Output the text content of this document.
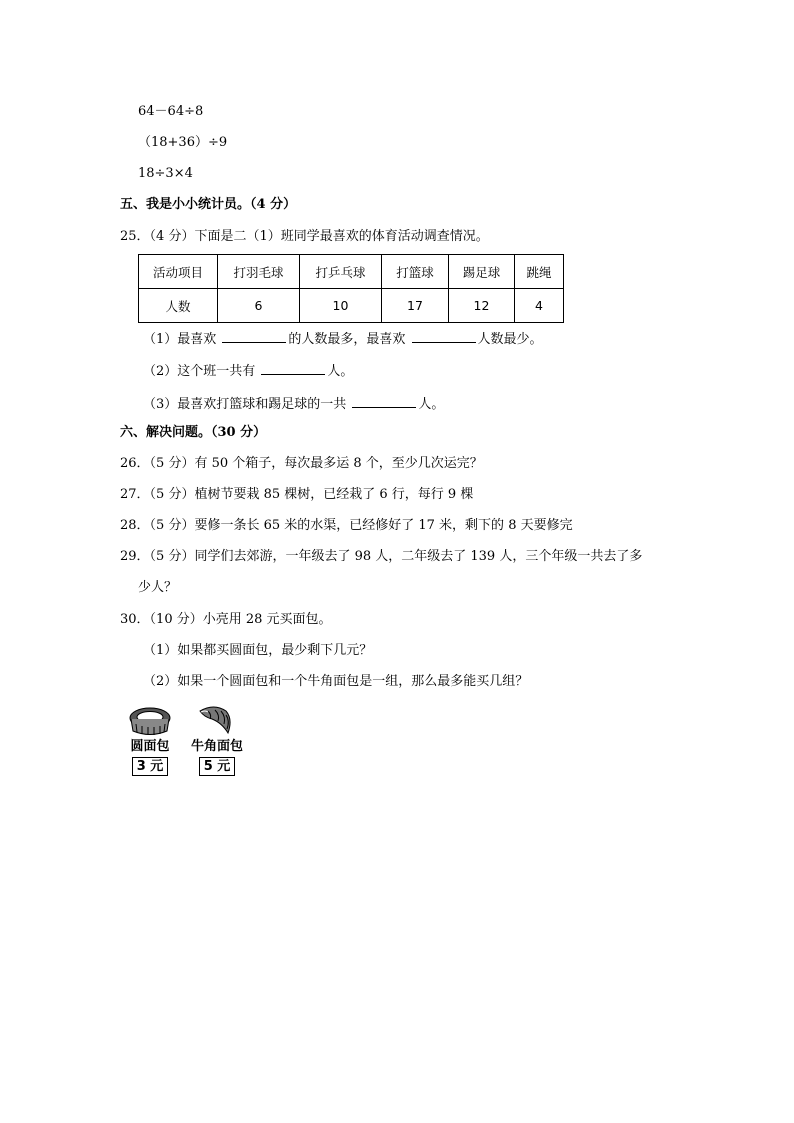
64－64÷8
（18+36）÷9
18÷3×4
五、我是小小统计员。（4 分）
25．（4 分）下面是二（1）班同学最喜欢的体育活动调查情况。
活动项目	打羽毛球	打乒乓球	打篮球	踢足球	跳绳
人数	6	10	17	12	4
（1）最喜欢	的人数最多，最喜欢	人数最少。
（2）这个班一共有	人。
（3）最喜欢打篮球和踢足球的一共	人。
六、解决问题。（30 分）
26．（5 分）有 50 个箱子，每次最多运 8 个，至少几次运完？
27．（5 分）植树节要栽 85 棵树，已经栽了 6 行，每行 9 棵
28．（5 分）要修一条长 65 米的水渠，已经修好了 17 米，剩下的 8 天要修完
29．（5 分）同学们去郊游，一年级去了 98 人，二年级去了 139 人，三个年级一共去了多
少人？
30．（10 分）小亮用 28 元买面包。
（1）如果都买圆面包，最少剩下几元？
（2）如果一个圆面包和一个牛角面包是一组，那么最多能买几组？
圆面包
3 元
牛角面包
5 元
